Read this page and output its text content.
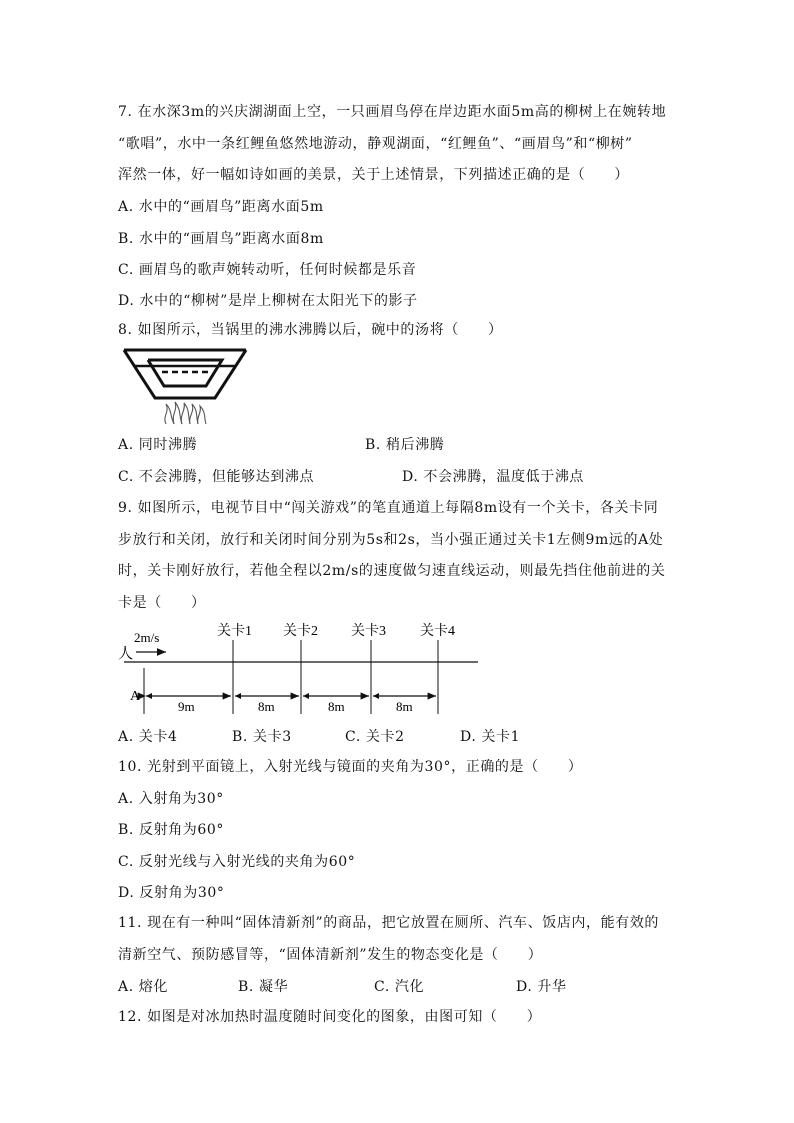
7. 在水深3m的兴庆湖湖面上空，一只画眉鸟停在岸边距水面5m高的柳树上在婉转地
“歌唱”，水中一条红鲤鱼悠然地游动，静观湖面，“红鲤鱼”、“画眉鸟”和“柳树”
浑然一体，好一幅如诗如画的美景，关于上述情景，下列描述正确的是（　　）
A. 水中的“画眉鸟”距离水面5m
B. 水中的“画眉鸟”距离水面8m
C. 画眉鸟的歌声婉转动听，任何时候都是乐音
D. 水中的“柳树”是岸上柳树在太阳光下的影子
8. 如图所示，当锅里的沸水沸腾以后，碗中的汤将（　　）
A. 同时沸腾	B. 稍后沸腾
C. 不会沸腾，但能够达到沸点	D. 不会沸腾，温度低于沸点
9. 如图所示，电视节目中“闯关游戏”的笔直通道上每隔8m设有一个关卡，各关卡同
步放行和关闭，放行和关闭时间分别为5s和2s，当小强正通过关卡1左侧9m远的A处
时，关卡刚好放行，若他全程以2m/s的速度做匀速直线运动，则最先挡住他前进的关
卡是（　　）
2m/s
人
关卡1 关卡2 关卡3 关卡4
A
9m	8m	8m	8m
A. 关卡4	B. 关卡3	C. 关卡2	D. 关卡1
10. 光射到平面镜上，入射光线与镜面的夹角为30°，正确的是（　　）
A. 入射角为30°
B. 反射角为60°
C. 反射光线与入射光线的夹角为60°
D. 反射角为30°
11. 现在有一种叫“固体清新剂”的商品，把它放置在厕所、汽车、饭店内，能有效的
清新空气、预防感冒等，“固体清新剂”发生的物态变化是（　　）
A. 熔化	B. 凝华	C. 汽化	D. 升华
12. 如图是对冰加热时温度随时间变化的图象，由图可知（　　）
